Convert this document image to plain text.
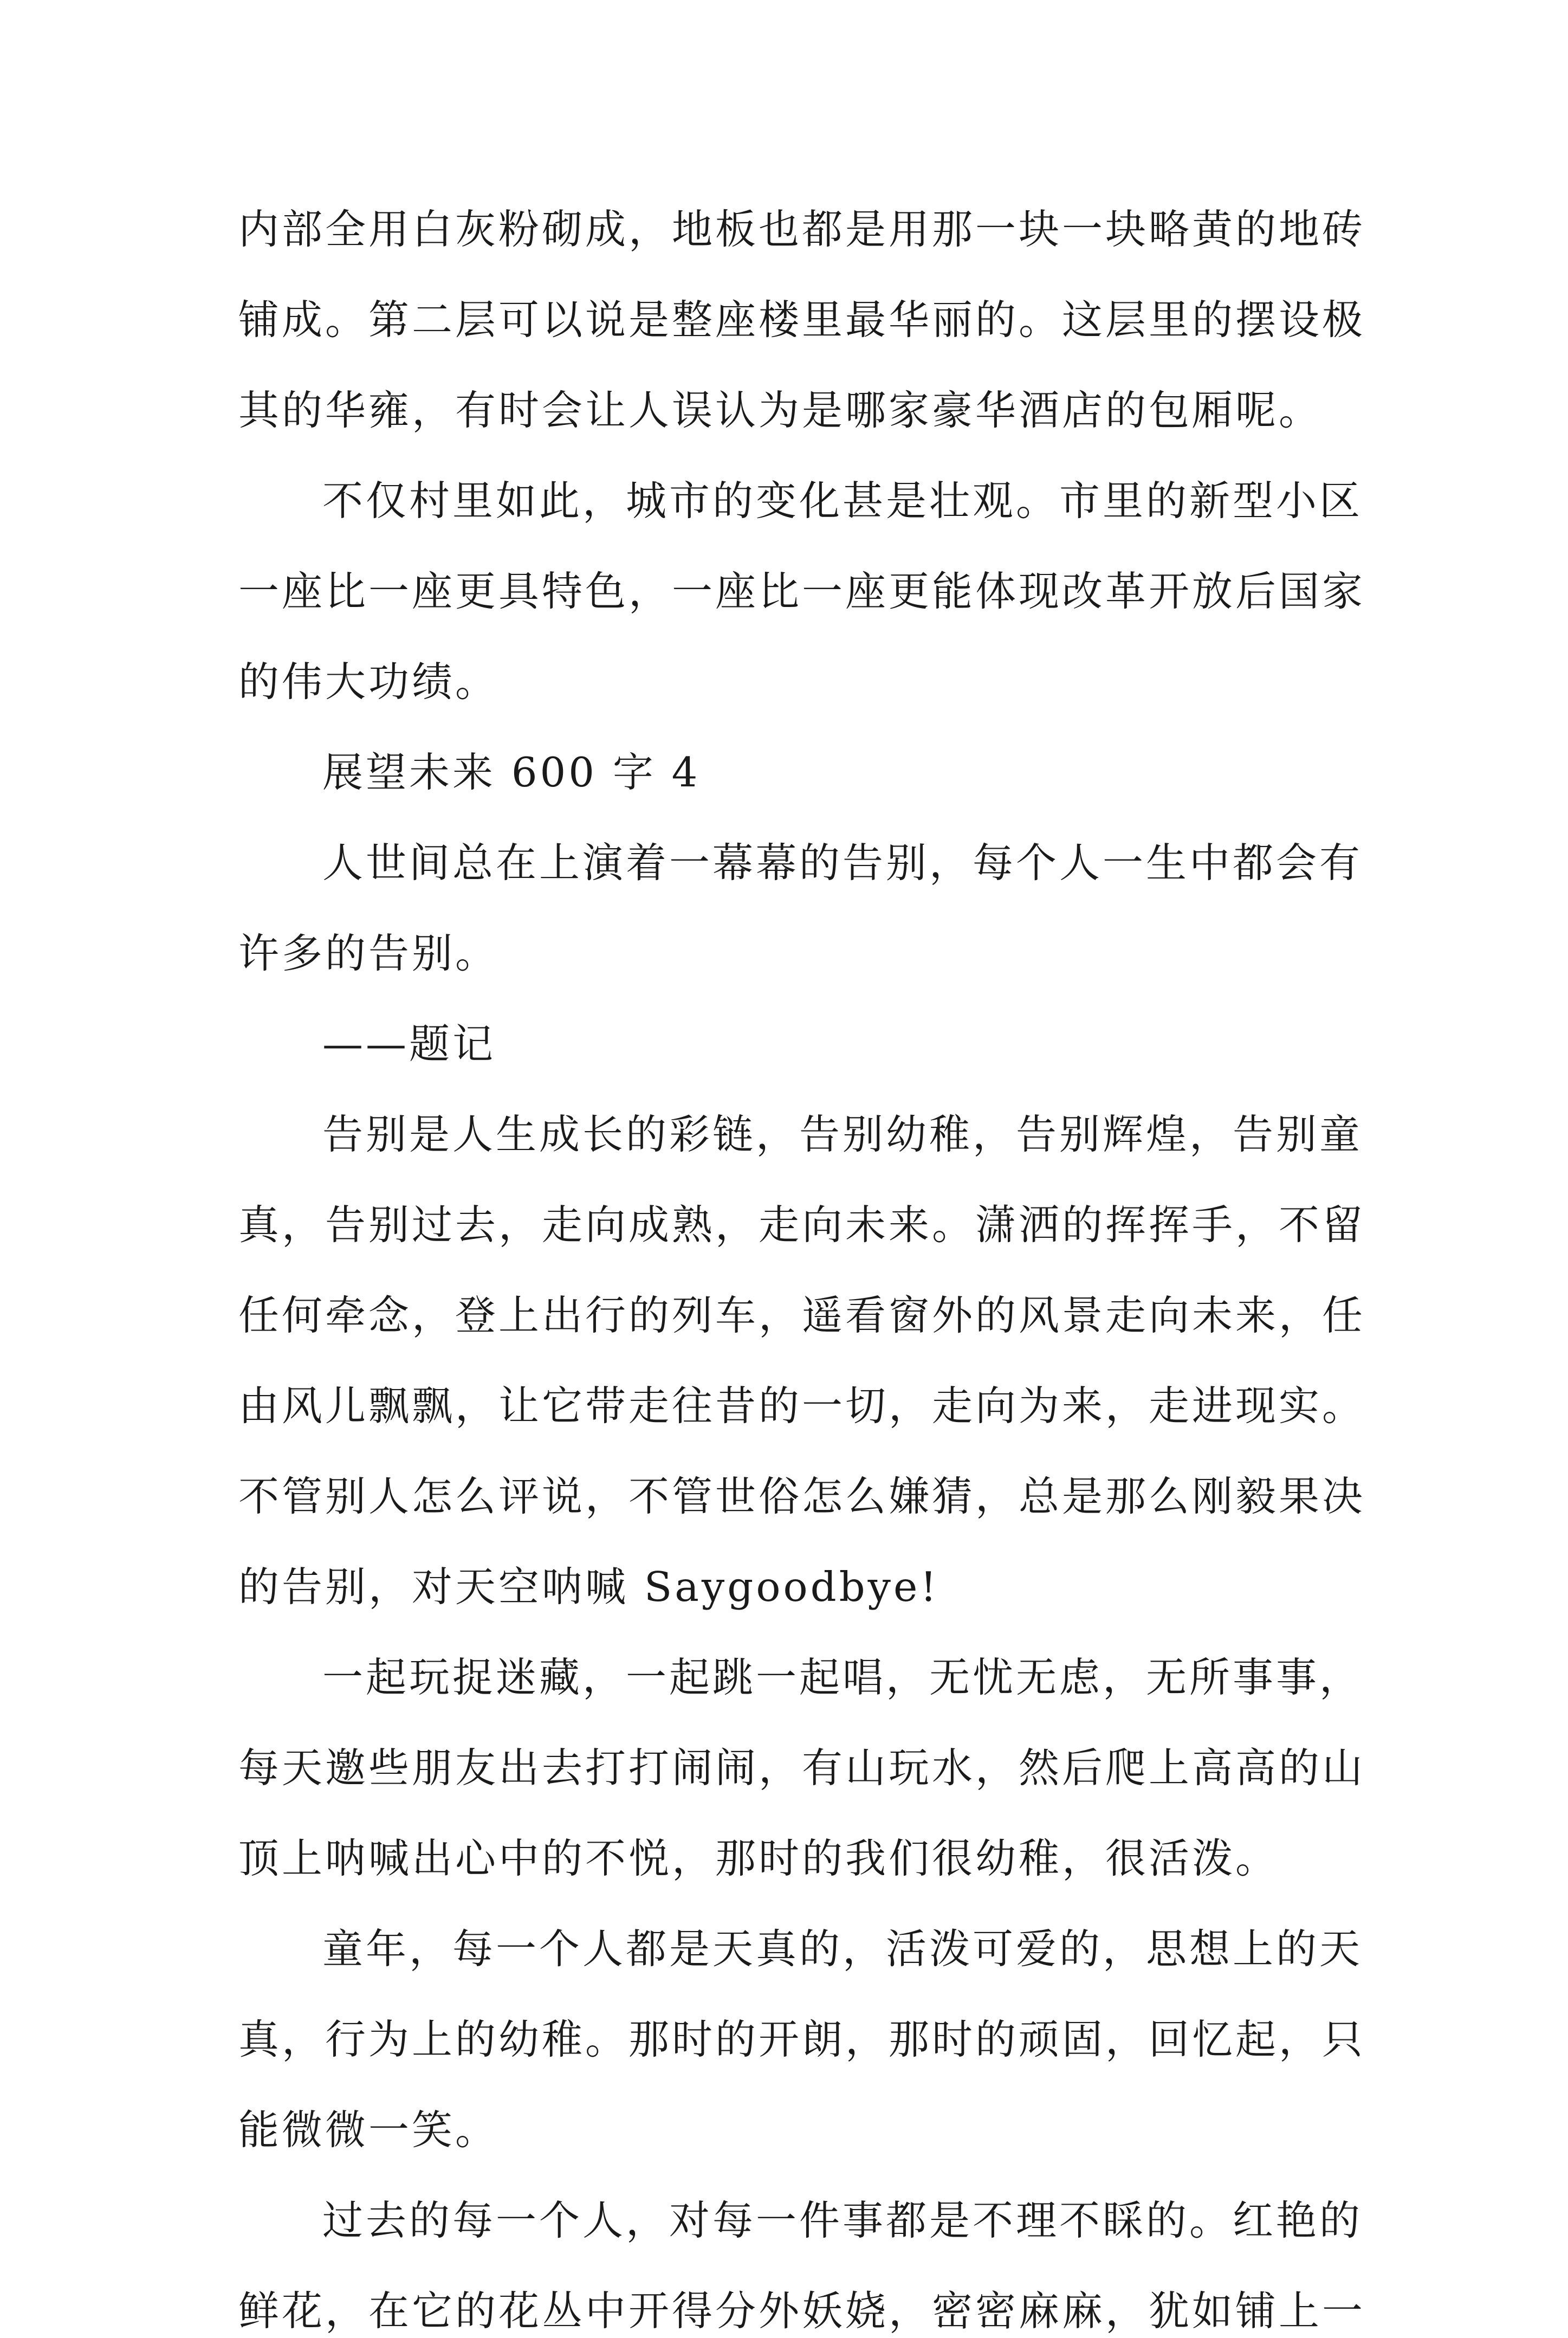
内部全用白灰粉砌成，地板也都是用那一块一块略黄的地砖
铺成。第二层可以说是整座楼里最华丽的。这层里的摆设极
其的华雍，有时会让人误认为是哪家豪华酒店的包厢呢。
不仅村里如此，城市的变化甚是壮观。市里的新型小区
一座比一座更具特色，一座比一座更能体现改革开放后国家
的伟大功绩。
展望未来 600 字 4
人世间总在上演着一幕幕的告别，每个人一生中都会有
许多的告别。
——题记
告别是人生成长的彩链，告别幼稚，告别辉煌，告别童
真，告别过去，走向成熟，走向未来。潇洒的挥挥手，不留
任何牵念，登上出行的列车，遥看窗外的风景走向未来，任
由风儿飘飘，让它带走往昔的一切，走向为来，走进现实。
不管别人怎么评说，不管世俗怎么嫌猜，总是那么刚毅果决
的告别，对天空呐喊 Saygoodbye!
一起玩捉迷藏，一起跳一起唱，无忧无虑，无所事事，
每天邀些朋友出去打打闹闹，有山玩水，然后爬上高高的山
顶上呐喊出心中的不悦，那时的我们很幼稚，很活泼。
童年，每一个人都是天真的，活泼可爱的，思想上的天
真，行为上的幼稚。那时的开朗，那时的顽固，回忆起，只
能微微一笑。
过去的每一个人，对每一件事都是不理不睬的。红艳的
鲜花，在它的花丛中开得分外妖娆，密密麻麻，犹如铺上一
